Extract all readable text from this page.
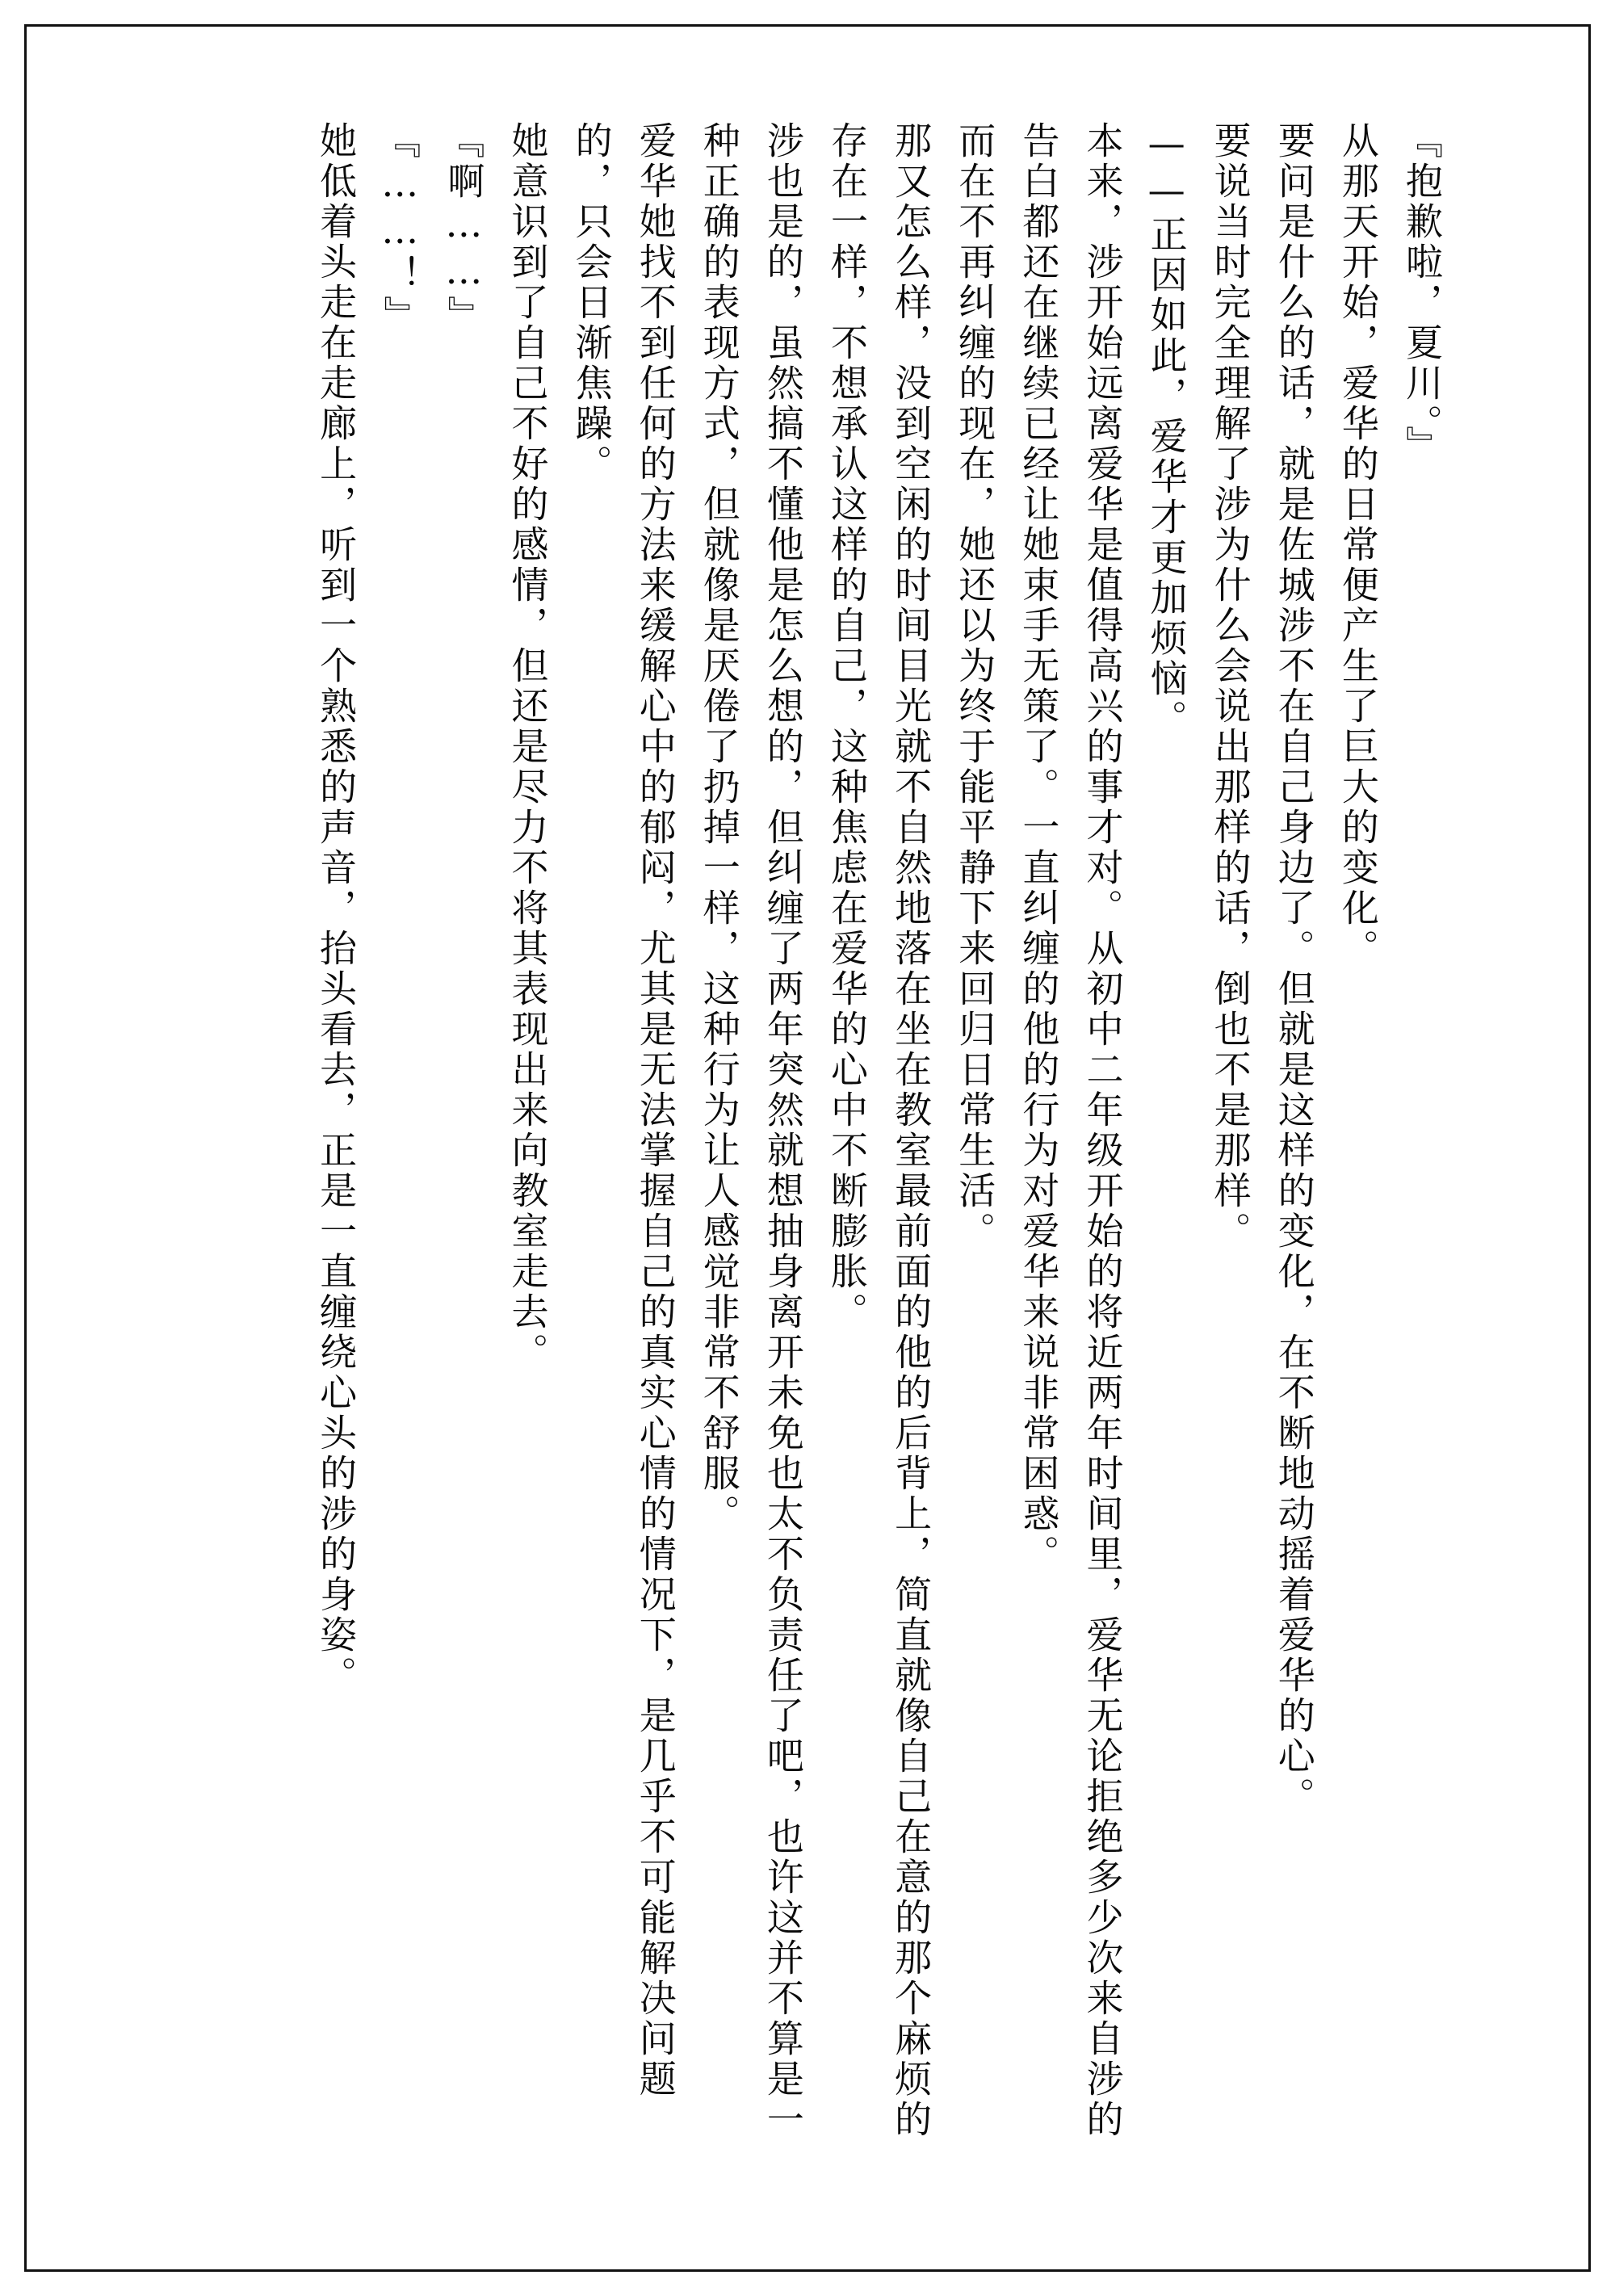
『抱歉啦，夏川。』

从那天开始，爱华的日常便产生了巨大的变化。

要问是什么的话，就是佐城涉不在自己身边了。但就是这样的变化，在不断地动摇着爱华的心。

要说当时完全理解了涉为什么会说出那样的话，倒也不是那样。

——正因如此，爱华才更加烦恼。

本来，涉开始远离爱华是值得高兴的事才对。从初中二年级开始的将近两年时间里，爱华无论拒绝多少次来自涉的告白都还在继续已经让她束手无策了。一直纠缠的他的行为对爱华来说非常困惑。

而在不再纠缠的现在，她还以为终于能平静下来回归日常生活。

那又怎么样，没到空闲的时间目光就不自然地落在坐在教室最前面的他的后背上，简直就像自己在意的那个麻烦的存在一样，不想承认这样的自己，这种焦虑在爱华的心中不断膨胀。

涉也是的，虽然搞不懂他是怎么想的，但纠缠了两年突然就想抽身离开未免也太不负责任了吧，也许这并不算是一种正确的表现方式，但就像是厌倦了扔掉一样，这种行为让人感觉非常不舒服。

爱华她找不到任何的方法来缓解心中的郁闷，尤其是无法掌握自己的真实心情的情况下，是几乎不可能解决问题的，只会日渐焦躁。

她意识到了自己不好的感情，但还是尽力不将其表现出来向教室走去。

『啊……』

『……！』

她低着头走在走廊上，听到一个熟悉的声音，抬头看去，正是一直缠绕心头的涉的身姿。
